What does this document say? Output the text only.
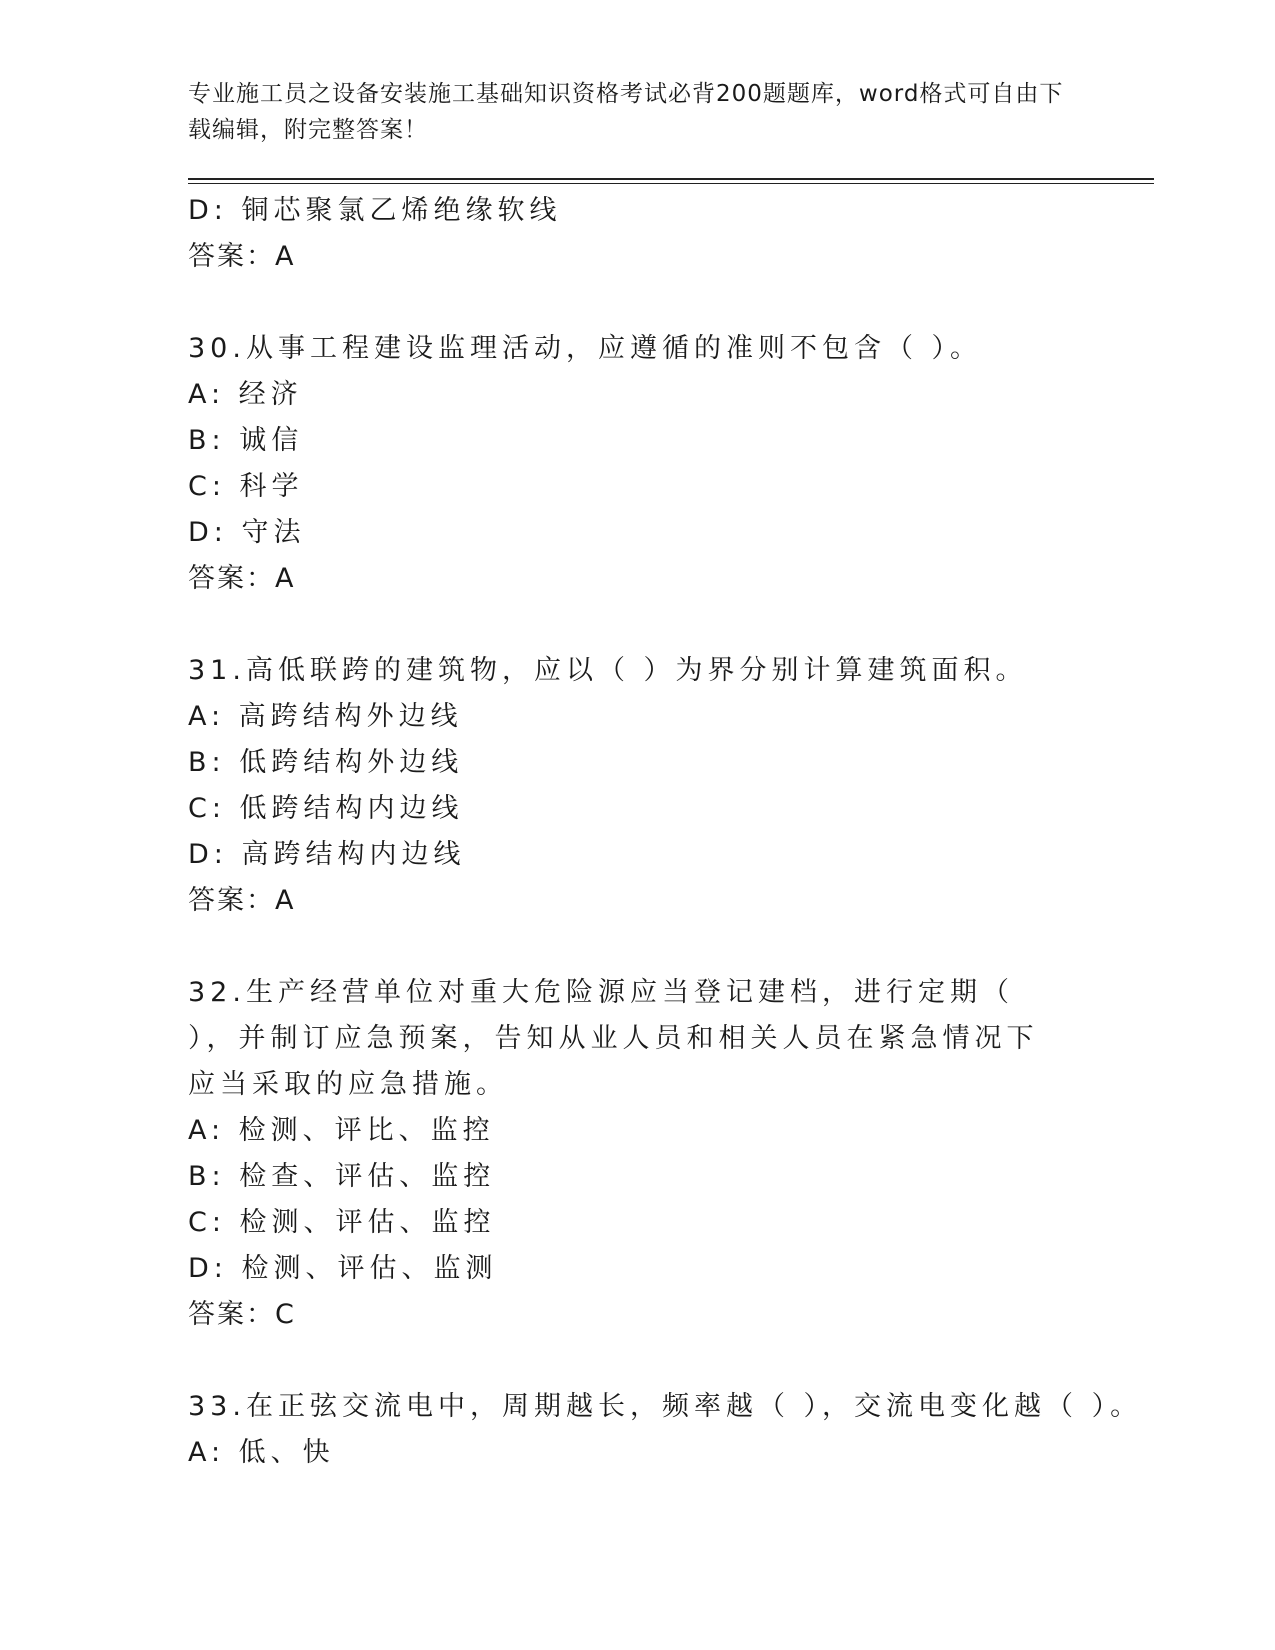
专业施工员之设备安装施工基础知识资格考试必背200题题库，word格式可自由下载编辑，附完整答案！
D: 铜芯聚氯乙烯绝缘软线
答案：A
30.从事工程建设监理活动，应遵循的准则不包含（ ）。
A: 经济
B: 诚信
C: 科学
D: 守法
答案：A
31.高低联跨的建筑物，应以（ ）为界分别计算建筑面积。
A: 高跨结构外边线
B: 低跨结构外边线
C: 低跨结构内边线
D: 高跨结构内边线
答案：A
32.生产经营单位对重大危险源应当登记建档，进行定期（ ），并制订应急预案，告知从业人员和相关人员在紧急情况下应当采取的应急措施。
A: 检测、评比、监控
B: 检查、评估、监控
C: 检测、评估、监控
D: 检测、评估、监测
答案：C
33.在正弦交流电中，周期越长，频率越（ ），交流电变化越（ ）。
A: 低、快
